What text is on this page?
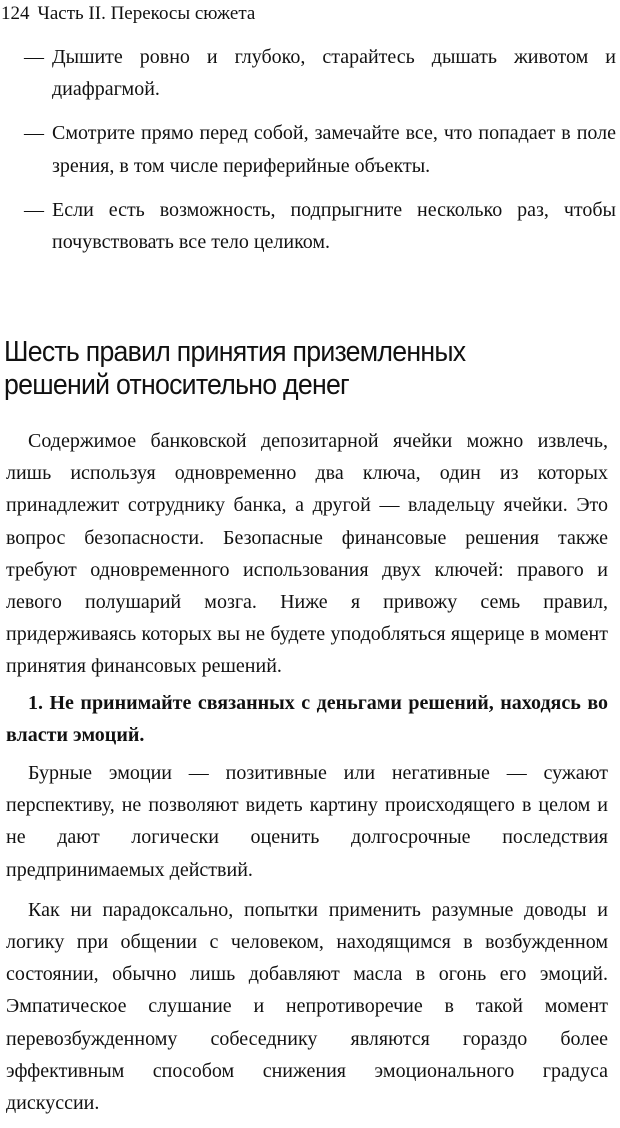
124 Часть II. Перекосы сюжета
— Дышите ровно и глубоко, старайтесь дышать животом и диафрагмой.

— Смотрите прямо перед собой, замечайте все, что попадает в поле зрения, в том числе периферийные объекты.

— Если есть возможность, подпрыгните несколько раз, чтобы почувствовать все тело целиком.

Шесть правил принятия приземленных решений относительно денег

Содержимое банковской депозитарной ячейки можно извлечь, лишь используя одновременно два ключа, один из которых принадлежит сотруднику банка, а другой — владельцу ячейки. Это вопрос безопасности. Безопасные финансовые решения также требуют одновременного использования двух ключей: правого и левого полушарий мозга. Ниже я привожу семь правил, придерживаясь которых вы не будете уподобляться ящерице в момент принятия финансовых решений.

1. Не принимайте связанных с деньгами решений, находясь во власти эмоций.

Бурные эмоции — позитивные или негативные — сужают перспективу, не позволяют видеть картину происходящего в целом и не дают логически оценить долгосрочные последствия предпринимаемых действий.

Как ни парадоксально, попытки применить разумные доводы и логику при общении с человеком, находящимся в возбужденном состоянии, обычно лишь добавляют масла в огонь его эмоций. Эмпатическое слушание и непротиворечие в такой момент перевозбужденному собеседнику являются гораздо более эффективным способом снижения эмоционального градуса дискуссии.
